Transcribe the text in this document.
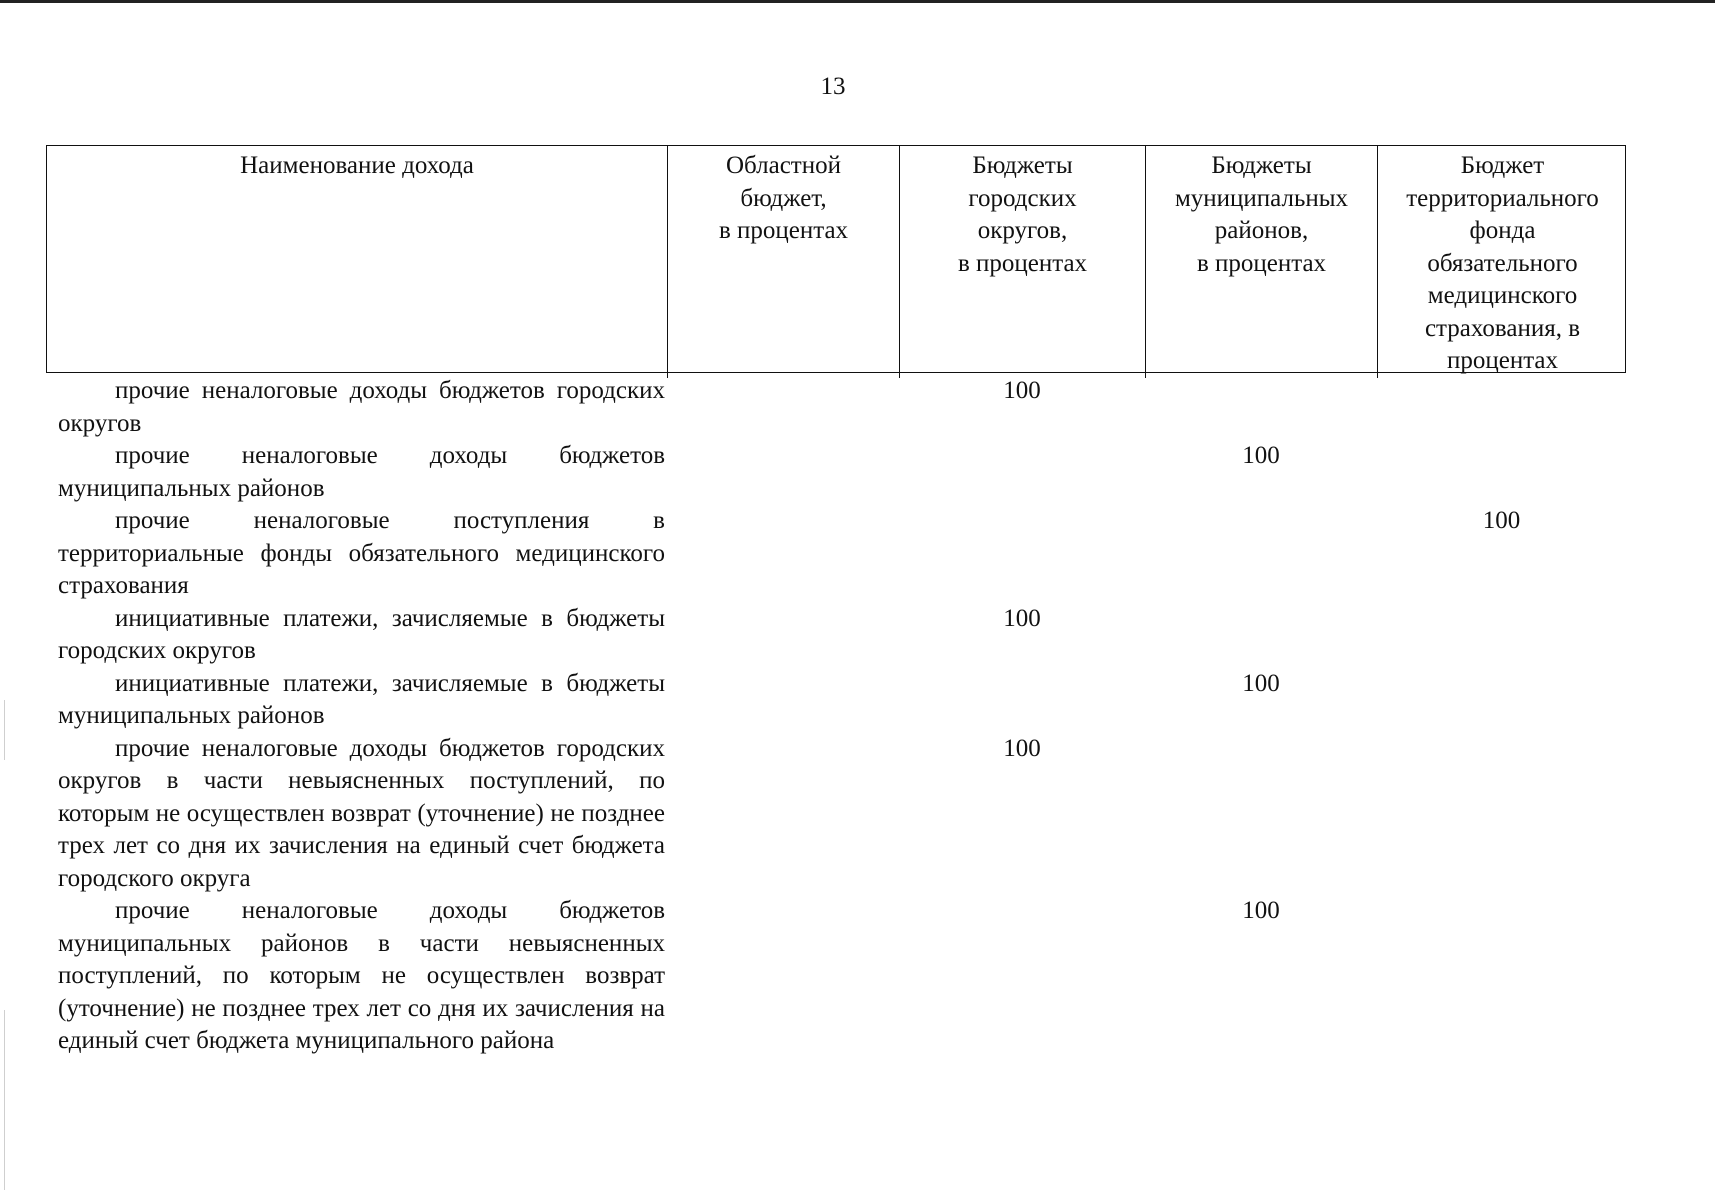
13
Наименование дохода	Областной
бюджет,
в процентах
Бюджеты
городских
округов,
в процентах
Бюджеты
муниципальных
районов,
в процентах
Бюджет
территориального
фонда
обязательного
медицинского
страхования, в
процентах
прочие неналоговые доходы бюджетов городских округов
100
прочие неналоговые доходы бюджетов муниципальных районов
100
прочие неналоговые поступления в территориальные фонды обязательного медицинского страхования
100
инициативные платежи, зачисляемые в бюджеты городских округов
100
инициативные платежи, зачисляемые в бюджеты муниципальных районов
100
прочие неналоговые доходы бюджетов городских округов в части невыясненных поступлений, по которым не осуществлен возврат (уточнение) не позднее трех лет со дня их зачисления на единый счет бюджета городского округа
100
прочие неналоговые доходы бюджетов муниципальных районов в части невыясненных поступлений, по которым не осуществлен возврат (уточнение) не позднее трех лет со дня их зачисления на единый счет бюджета муниципального района
100
